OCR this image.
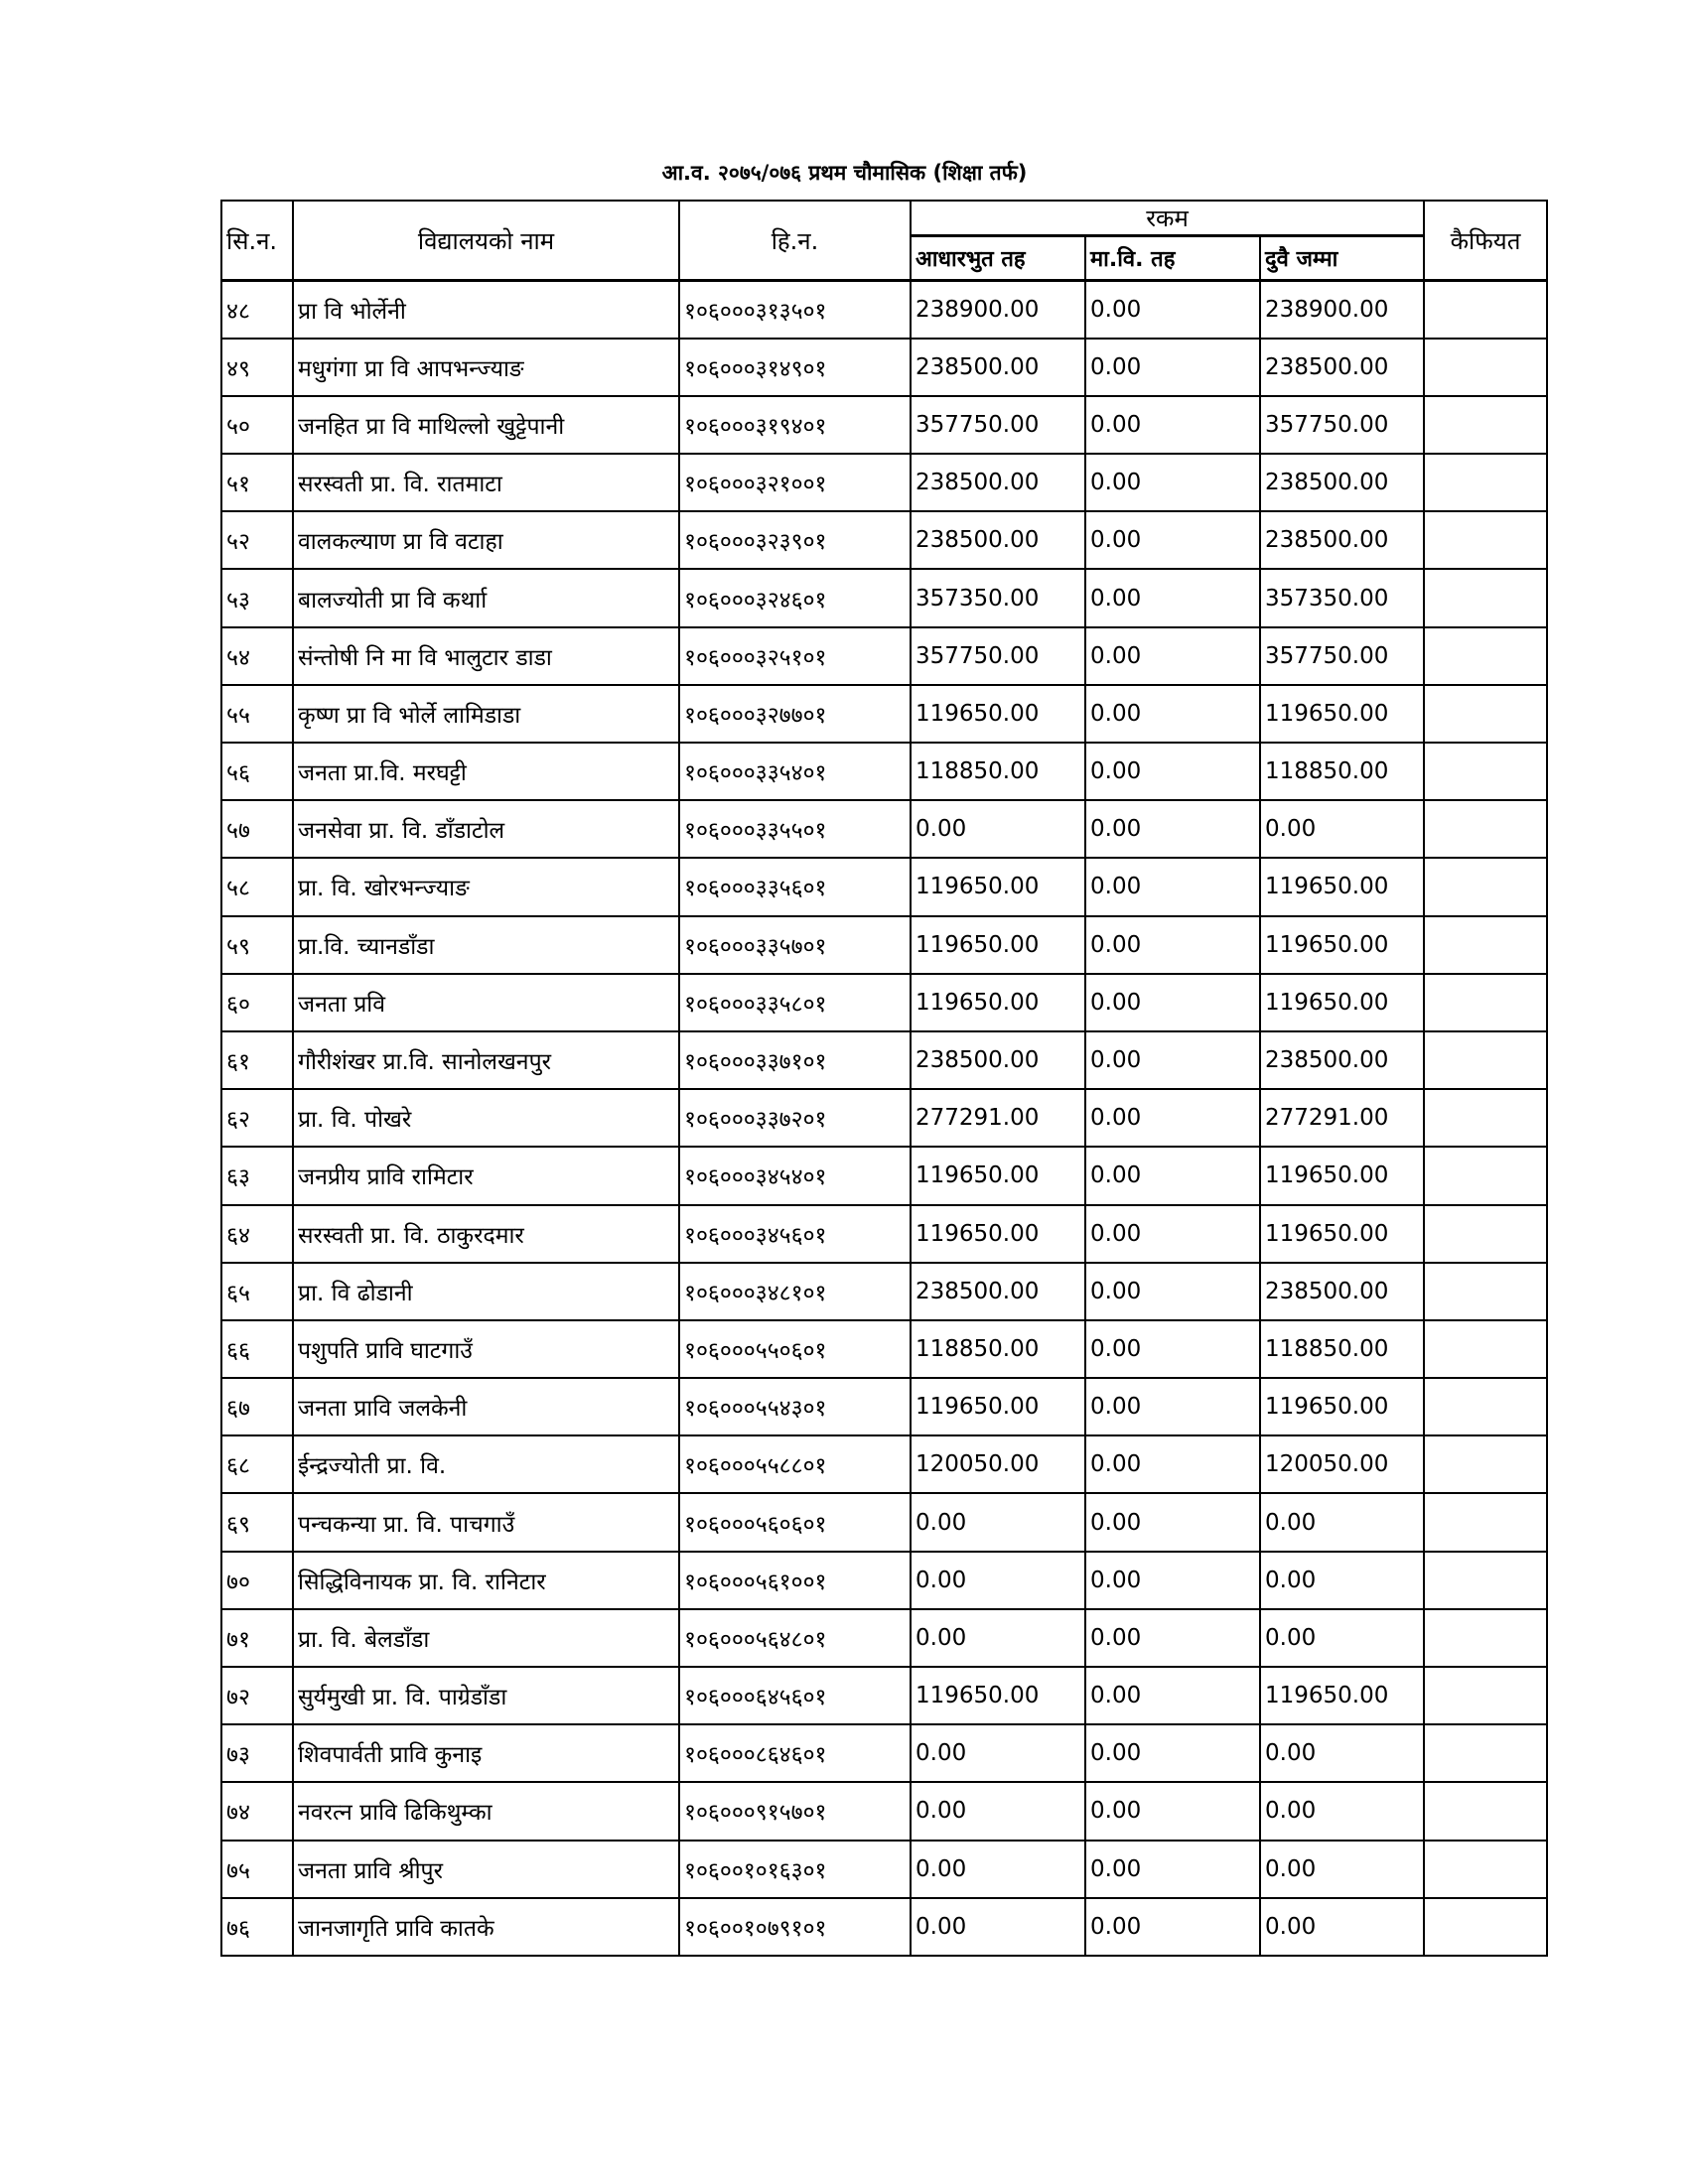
आ.व. २०७५/०७६ प्रथम चौमासिक (शिक्षा तर्फ)
सि.न.	विद्यालयको नाम	हि.न.	रकम			कैफियत
			आधारभुत तह	मा.वि. तह	दुवै जम्मा	
४८	प्रा वि भोर्लेनी	१०६०००३१३५०१	238900.00	0.00	238900.00	
४९	मधुगंगा प्रा वि आपभन्ज्याङ	१०६०००३१४९०१	238500.00	0.00	238500.00	
५०	जनहित प्रा वि माथिल्लो खुट्टेपानी	१०६०००३१९४०१	357750.00	0.00	357750.00	
५१	सरस्वती प्रा. वि. रातमाटा	१०६०००३२१००१	238500.00	0.00	238500.00	
५२	वालकल्याण प्रा वि वटाहा	१०६०००३२३९०१	238500.00	0.00	238500.00	
५३	बालज्योती प्रा वि कर्थाा	१०६०००३२४६०१	357350.00	0.00	357350.00	
५४	संन्तोषी नि मा वि भालुटार डाडा	१०६०००३२५१०१	357750.00	0.00	357750.00	
५५	कृष्ण प्रा वि भोर्ले लामिडाडा	१०६०००३२७७०१	119650.00	0.00	119650.00	
५६	जनता प्रा.वि. मरघट्टी	१०६०००३३५४०१	118850.00	0.00	118850.00	
५७	जनसेवा प्रा. वि. डाँडाटोल	१०६०००३३५५०१	0.00	0.00	0.00	
५८	प्रा. वि. खोरभन्ज्याङ	१०६०००३३५६०१	119650.00	0.00	119650.00	
५९	प्रा.वि. च्यानडाँडा	१०६०००३३५७०१	119650.00	0.00	119650.00	
६०	जनता प्रवि	१०६०००३३५८०१	119650.00	0.00	119650.00	
६१	गौरीशंखर प्रा.वि. सानोलखनपुर	१०६०००३३७१०१	238500.00	0.00	238500.00	
६२	प्रा. वि. पोखरे	१०६०००३३७२०१	277291.00	0.00	277291.00	
६३	जनप्रीय प्रावि रामिटार	१०६०००३४५४०१	119650.00	0.00	119650.00	
६४	सरस्वती प्रा. वि. ठाकुरदमार	१०६०००३४५६०१	119650.00	0.00	119650.00	
६५	प्रा. वि ढोडानी	१०६०००३४८१०१	238500.00	0.00	238500.00	
६६	पशुपति प्रावि घाटगाउँ	१०६०००५५०६०१	118850.00	0.00	118850.00	
६७	जनता प्रावि जलकेनी	१०६०००५५४३०१	119650.00	0.00	119650.00	
६८	ईन्द्रज्योती प्रा. वि.	१०६०००५५८८०१	120050.00	0.00	120050.00	
६९	पन्चकन्या प्रा. वि. पाचगाउँ	१०६०००५६०६०१	0.00	0.00	0.00	
७०	सिद्धिविनायक प्रा. वि. रानिटार	१०६०००५६१००१	0.00	0.00	0.00	
७१	प्रा. वि. बेलडाँडा	१०६०००५६४८०१	0.00	0.00	0.00	
७२	सुर्यमुखी प्रा. वि. पाग्रेडाँडा	१०६०००६४५६०१	119650.00	0.00	119650.00	
७३	शिवपार्वती प्रावि कुनाइ	१०६०००८६४६०१	0.00	0.00	0.00	
७४	नवरत्न प्रावि ढिकिथुम्का	१०६०००९१५७०१	0.00	0.00	0.00	
७५	जनता प्रावि श्रीपुर	१०६००१०१६३०१	0.00	0.00	0.00	
७६	जानजागृति प्रावि कातके	१०६००१०७९१०१	0.00	0.00	0.00	
